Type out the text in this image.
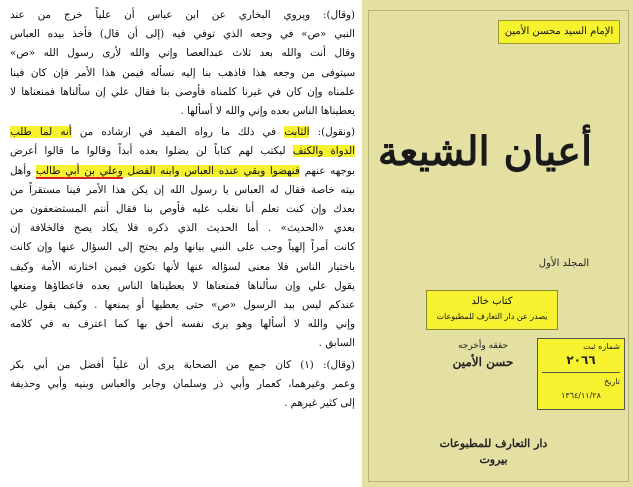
(وقال): ويروي البخاري عن ابن عباس أن علياً خرج من عند
النبي «ص» في وجعه الذي توفي فيه (إلى أن قال) فأخذ بيده العباس
وقال أنت والله بعد ثلاث عبدالعصا وإني والله لأرى رسول الله «ص»
سيتوفى من وجعه هذا فاذهب بنا إليه نسأله فيمن هذا الأمر فإن كان فينا
علمناه وإن كان في غيرنا كلمناه فأوصى بنا فقال علي إن سألناها فمنعناها لا
يعطيناها الناس بعده وإني والله لا أسألها .
(ونقول): الثابت في ذلك ما رواه المفيد في ارشاده من أنه لما طلب
الدواة والكتف ليكتب لهم كتاباً لن يضلوا بعده أبداً وقالوا ما قالوا أعرض
بوجهه عنهم فنهضوا وبقي عنده العباس وابنه الفضل وعلي بن أبي طالب وأهل
بيته خاصة فقال له العباس يا رسول الله إن يكن هذا الأمر فينا مستقراً من
بعدك وإن كنت تعلم أنا نغلب عليه فأوص بنا فقال أنتم المستضعفون من
بعدي «الحديث» . أما الحديث الذي ذكره فلا يكاد يصح فالخلافة إن
كانت أمراً إلهياً وجب على النبي بيانها ولم يحتج إلى السؤال عنها وإن كانت
باختيار الناس فلا معنى لسؤاله عنها لأنها تكون فيمن اختارته الأمة وكيف
يقول علي وإن سألناها فمنعناها لا يعطيناها الناس بعده فاعطاؤها ومنعها
عندكم ليس بيد الرسول «ص» حتى يعطيها أو يمنعها . وكيف يقول علي
وإني والله لا أسألها وهو يرى نفسه أحق بها كما اعترف به في كلامه
السابق .
(وقال): (١) كان جمع من الصحابة يرى أن علياً أفضل من أبي بكر
وعمر وغيرهما، كعمار وأبي ذر وسلمان وجابر والعباس وبنيه وأبي وحذيفة
إلى كثير غيرهم .
الإمام السيد محسن الأمين
أعيان الشيعة
المجلد الأول
كتاب خالد
يصدر عن دار التعارف للمطبوعات
حققه وأخرجه
حسن الأمين
شماره ثبت
٢٠٦٦
تاريخ
١٣٦٤/١١/٢٨
دار التعارف للمطبوعات
بيروت
